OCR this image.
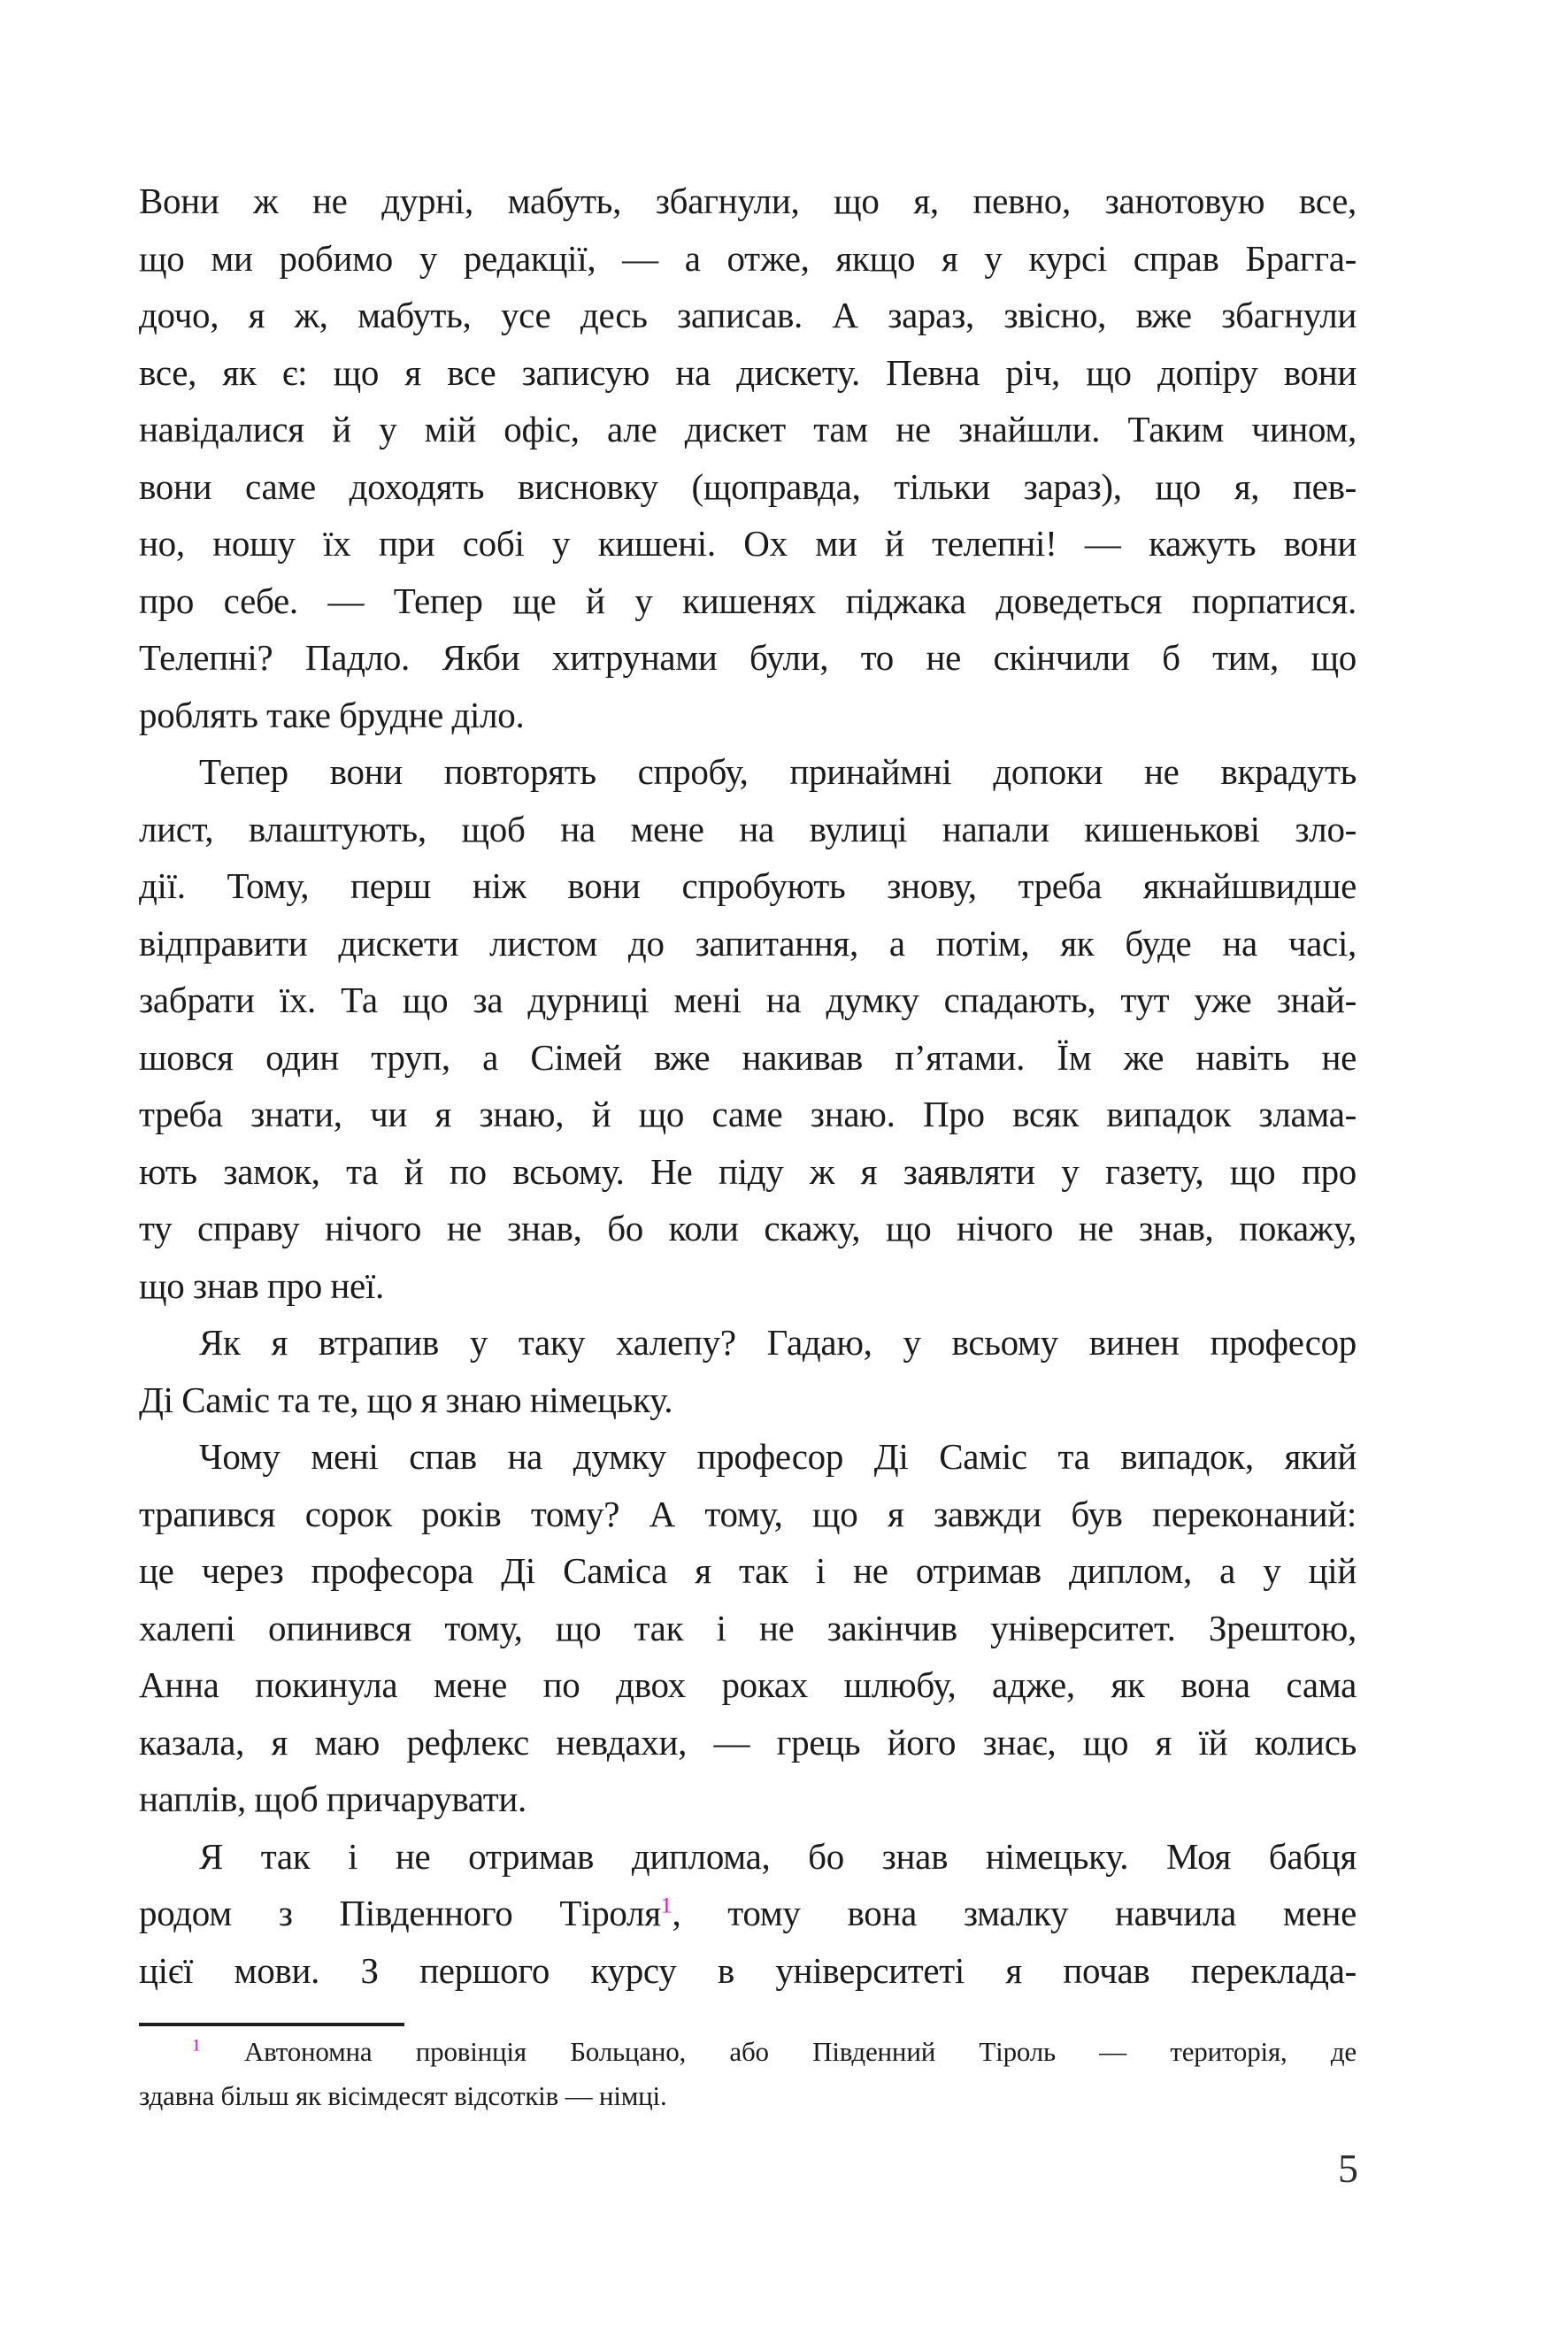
Вони ж не дурні, мабуть, збагнули, що я, певно, занотовую все,
що ми робимо у редакції, — а отже, якщо я у курсі справ Брагга-
дочо, я ж, мабуть, усе десь записав. А зараз, звісно, вже збагнули
все, як є: що я все записую на дискету. Певна річ, що допіру вони
навідалися й у мій офіс, але дискет там не знайшли. Таким чином,
вони саме доходять висновку (щоправда, тільки зараз), що я, пев-
но, ношу їх при собі у кишені. Ох ми й телепні! — кажуть вони
про себе. — Тепер ще й у кишенях піджака доведеться порпатися.
Телепні? Падло. Якби хитрунами були, то не скінчили б тим, що
роблять таке брудне діло.
Тепер вони повторять спробу, принаймні допоки не вкрадуть
лист, влаштують, щоб на мене на вулиці напали кишенькові зло-
дії. Тому, перш ніж вони спробують знову, треба якнайшвидше
відправити дискети листом до запитання, а потім, як буде на часі,
забрати їх. Та що за дурниці мені на думку спадають, тут уже знай-
шовся один труп, а Сімей вже накивав п’ятами. Їм же навіть не
треба знати, чи я знаю, й що саме знаю. Про всяк випадок злама-
ють замок, та й по всьому. Не піду ж я заявляти у газету, що про
ту справу нічого не знав, бо коли скажу, що нічого не знав, покажу,
що знав про неї.
Як я втрапив у таку халепу? Гадаю, у всьому винен професор
Ді Саміс та те, що я знаю німецьку.
Чому мені спав на думку професор Ді Саміс та випадок, який
трапився сорок років тому? А тому, що я завжди був переконаний:
це через професора Ді Саміса я так і не отримав диплом, а у цій
халепі опинився тому, що так і не закінчив університет. Зрештою,
Анна покинула мене по двох роках шлюбу, адже, як вона сама
казала, я маю рефлекс невдахи, — грець його знає, що я їй колись
наплів, щоб причарувати.
Я так і не отримав диплома, бо знав німецьку. Моя бабця
родом з Південного Тіроля$^1$, тому вона змалку навчила мене
цієї мови. З першого курсу в університеті я почав переклада-
$^1$ Автономна провінція Больцано, або Південний Тіроль — територія, де
здавна більш як вісімдесят відсотків — німці.
5
